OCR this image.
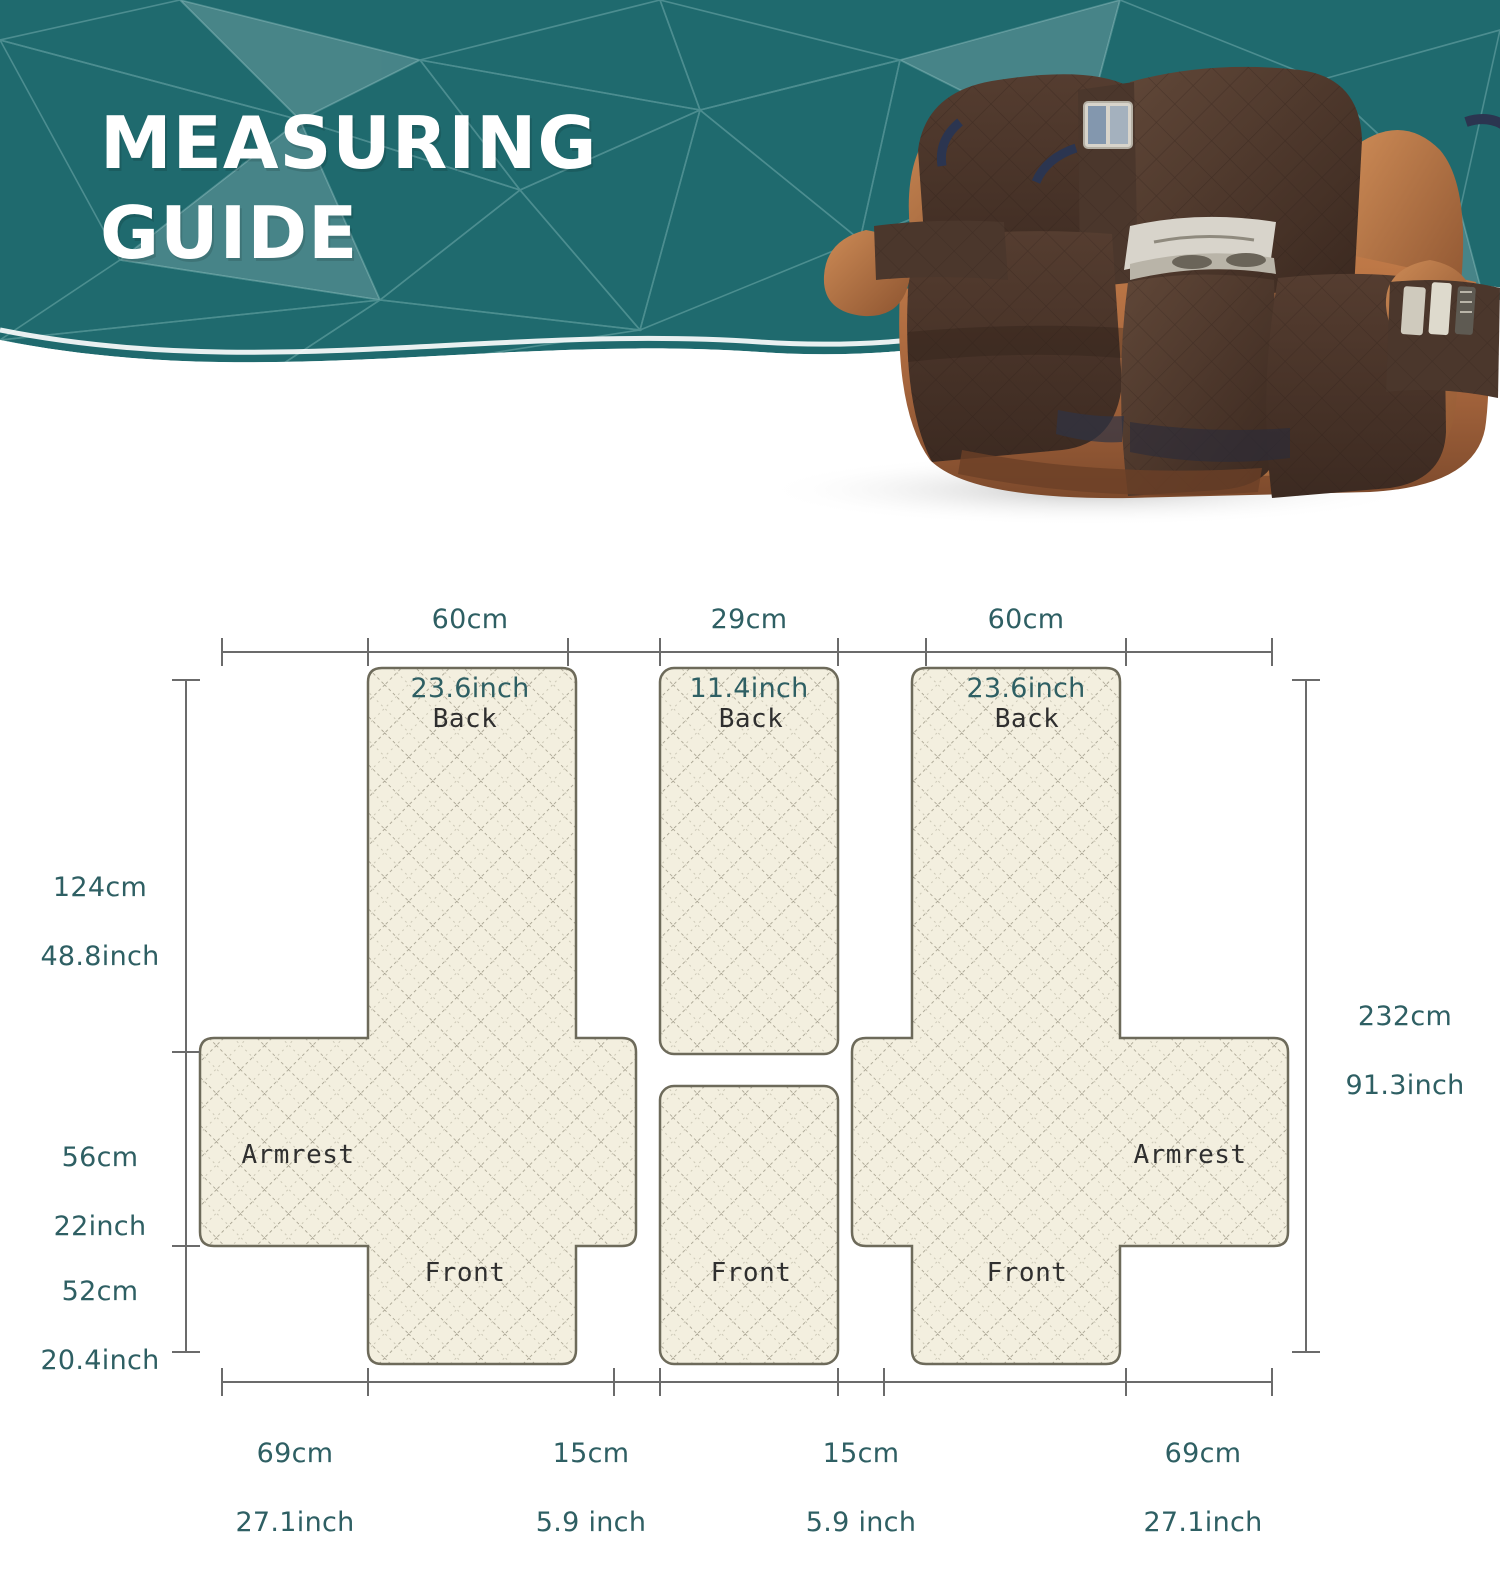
MEASURING
GUIDE

60cm

23.6inch

29cm

11.4inch

60cm

23.6inch

124cm

48.8inch

56cm

22inch

52cm

20.4inch

232cm

91.3inch

69cm

27.1inch

15cm

5.9 inch

15cm

5.9 inch

69cm

27.1inch

Back
Armrest
Front
Back
Front
Back
Armrest
Front
